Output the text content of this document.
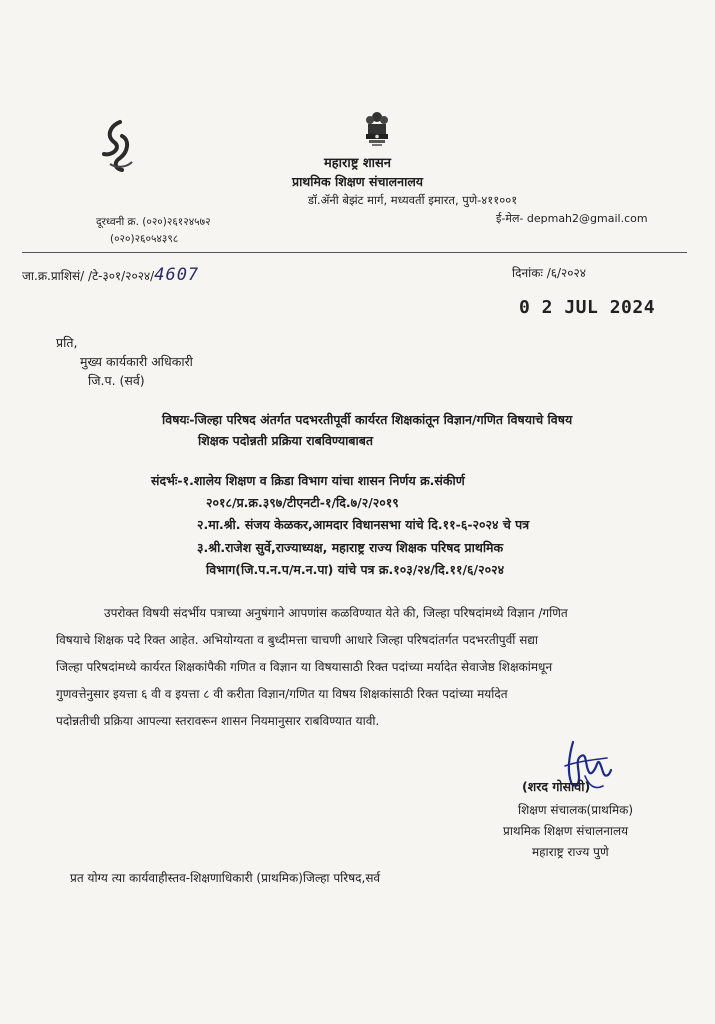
महाराष्ट्र शासन
प्राथमिक शिक्षण संचालनालय
डॉ.ॲनी बेझंट मार्ग, मध्यवर्ती इमारत, पुणे-४११००१
दूरध्वनी क्र. (०२०)२६१२४५७२
(०२०)२६०५४३९८
ई-मेल- depmah2@gmail.com
जा.क्र.प्राशिसं/ /टे-३०१/२०२४/4607	दिनांकः /६/२०२४
0 2 JUL 2024
प्रति,
मुख्य कार्यकारी अधिकारी
जि.प. (सर्व)
विषयः-जिल्हा परिषद अंतर्गत पदभरतीपूर्वी कार्यरत शिक्षकांतून विज्ञान/गणित विषयाचे विषय
शिक्षक पदोन्नती प्रक्रिया राबविण्याबाबत
संदर्भः-१.शालेय शिक्षण व क्रिडा विभाग यांचा शासन निर्णय क्र.संकीर्ण
२०१८/प्र.क्र.३९७/टीएनटी-१/दि.७/२/२०१९
२.मा.श्री. संजय केळकर,आमदार विधानसभा यांचे दि.११-६-२०२४ चे पत्र
३.श्री.राजेश सुर्वे,राज्याध्यक्ष, महाराष्ट्र राज्य शिक्षक परिषद प्राथमिक
विभाग(जि.प.न.प/म.न.पा) यांचे पत्र क्र.१०३/२४/दि.११/६/२०२४

उपरोक्त विषयी संदर्भीय पत्राच्या अनुषंगाने आपणांस कळविण्यात येते की, जिल्हा परिषदांमध्ये विज्ञान /गणित

विषयाचे शिक्षक पदे रिक्त आहेत. अभियोग्यता व बुध्दीमत्ता चाचणी आधारे जिल्हा परिषदांतर्गत पदभरतीपुर्वी सद्या

जिल्हा परिषदांमध्ये कार्यरत शिक्षकांपैकी गणित व विज्ञान या विषयासाठी रिक्त पदांच्या मर्यादेत सेवाजेष्ठ शिक्षकांमधून

गुणवत्तेनुसार इयत्ता ६ वी व इयत्ता ८ वी करीता विज्ञान/गणित या विषय शिक्षकांसाठी रिक्त पदांच्या मर्यादेत

पदोन्नतीची प्रक्रिया आपल्या स्तरावरून शासन नियमानुसार राबविण्यात यावी.

(शरद गोसावी)
शिक्षण संचालक(प्राथमिक)
प्राथमिक शिक्षण संचालनालय
महाराष्ट्र राज्य पुणे
प्रत योग्य त्या कार्यवाहीस्तव-शिक्षणाधिकारी (प्राथमिक)जिल्हा परिषद,सर्व
